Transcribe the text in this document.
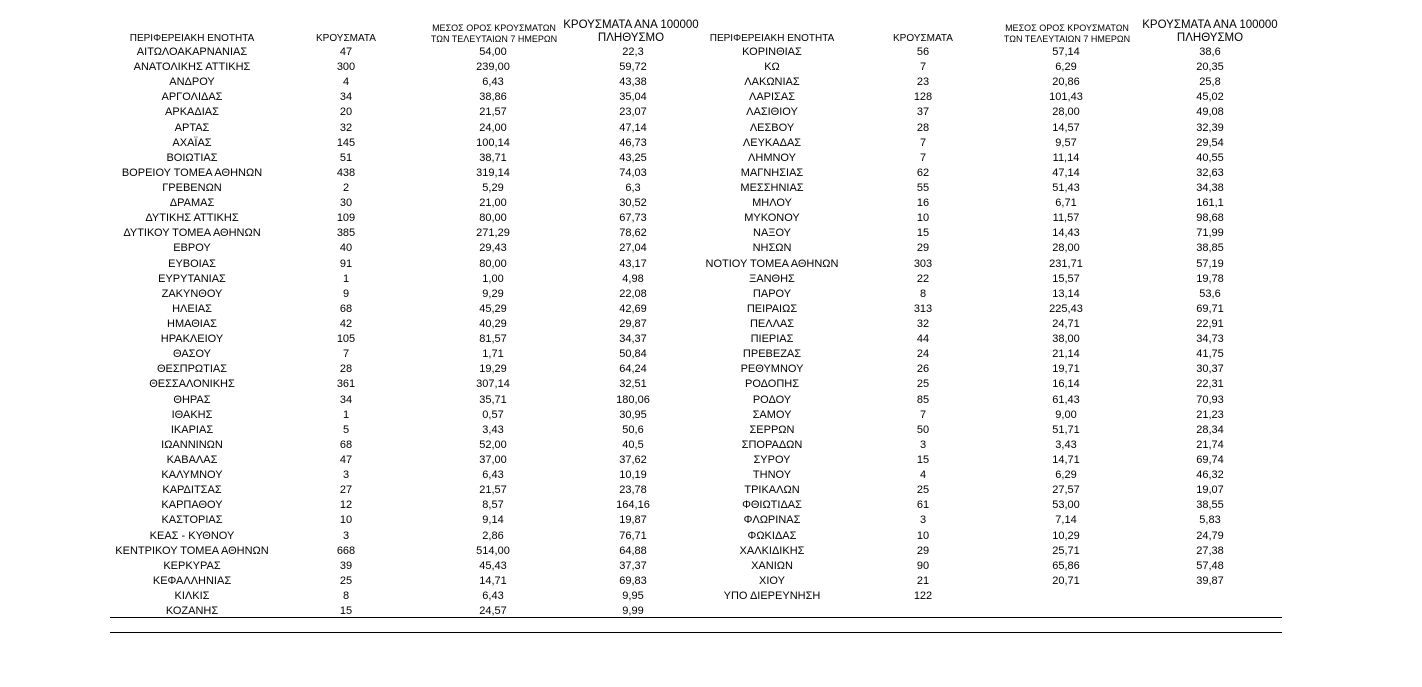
ΠΕΡΙΦΕΡΕΙΑΚΗ ΕΝΟΤΗΤΑ	ΚΡΟΥΣΜΑΤΑ
ΜΕΣΟΣ ΟΡΟΣ ΚΡΟΥΣΜΑΤΩΝ
ΤΩΝ ΤΕΛΕΥΤΑΙΩΝ 7 ΗΜΕΡΩΝ
ΚΡΟΥΣΜΑΤΑ ΑΝΑ 100000
ΠΛΗΘΥΣΜΟ
ΑΙΤΩΛΟΑΚΑΡΝΑΝΙΑΣ	47	54,00	22,3
ΑΝΑΤΟΛΙΚΗΣ ΑΤΤΙΚΗΣ	300	239,00	59,72
ΑΝΔΡΟΥ	4	6,43	43,38
ΑΡΓΟΛΙΔΑΣ	34	38,86	35,04
ΑΡΚΑΔΙΑΣ	20	21,57	23,07
ΑΡΤΑΣ	32	24,00	47,14
ΑΧΑΪΑΣ	145	100,14	46,73
ΒΟΙΩΤΙΑΣ	51	38,71	43,25
ΒΟΡΕΙΟΥ ΤΟΜΕΑ ΑΘΗΝΩΝ	438	319,14	74,03
ΓΡΕΒΕΝΩΝ	2	5,29	6,3
ΔΡΑΜΑΣ	30	21,00	30,52
ΔΥΤΙΚΗΣ ΑΤΤΙΚΗΣ	109	80,00	67,73
ΔΥΤΙΚΟΥ ΤΟΜΕΑ ΑΘΗΝΩΝ	385	271,29	78,62
ΕΒΡΟΥ	40	29,43	27,04
ΕΥΒΟΙΑΣ	91	80,00	43,17
ΕΥΡΥΤΑΝΙΑΣ	1	1,00	4,98
ΖΑΚΥΝΘΟΥ	9	9,29	22,08
ΗΛΕΙΑΣ	68	45,29	42,69
ΗΜΑΘΙΑΣ	42	40,29	29,87
ΗΡΑΚΛΕΙΟΥ	105	81,57	34,37
ΘΑΣΟΥ	7	1,71	50,84
ΘΕΣΠΡΩΤΙΑΣ	28	19,29	64,24
ΘΕΣΣΑΛΟΝΙΚΗΣ	361	307,14	32,51
ΘΗΡΑΣ	34	35,71	180,06
ΙΘΑΚΗΣ	1	0,57	30,95
ΙΚΑΡΙΑΣ	5	3,43	50,6
ΙΩΑΝΝΙΝΩΝ	68	52,00	40,5
ΚΑΒΑΛΑΣ	47	37,00	37,62
ΚΑΛΥΜΝΟΥ	3	6,43	10,19
ΚΑΡΔΙΤΣΑΣ	27	21,57	23,78
ΚΑΡΠΑΘΟΥ	12	8,57	164,16
ΚΑΣΤΟΡΙΑΣ	10	9,14	19,87
ΚΕΑΣ - ΚΥΘΝΟΥ	3	2,86	76,71
ΚΕΝΤΡΙΚΟΥ ΤΟΜΕΑ ΑΘΗΝΩΝ	668	514,00	64,88
ΚΕΡΚΥΡΑΣ	39	45,43	37,37
ΚΕΦΑΛΛΗΝΙΑΣ	25	14,71	69,83
ΚΙΛΚΙΣ	8	6,43	9,95
ΚΟΖΑΝΗΣ	15	24,57	9,99
ΠΕΡΙΦΕΡΕΙΑΚΗ ΕΝΟΤΗΤΑ	ΚΡΟΥΣΜΑΤΑ
ΜΕΣΟΣ ΟΡΟΣ ΚΡΟΥΣΜΑΤΩΝ
ΤΩΝ ΤΕΛΕΥΤΑΙΩΝ 7 ΗΜΕΡΩΝ
ΚΡΟΥΣΜΑΤΑ ΑΝΑ 100000
ΠΛΗΘΥΣΜΟ
ΚΟΡΙΝΘΙΑΣ	56	57,14	38,6
ΚΩ	7	6,29	20,35
ΛΑΚΩΝΙΑΣ	23	20,86	25,8
ΛΑΡΙΣΑΣ	128	101,43	45,02
ΛΑΣΙΘΙΟΥ	37	28,00	49,08
ΛΕΣΒΟΥ	28	14,57	32,39
ΛΕΥΚΑΔΑΣ	7	9,57	29,54
ΛΗΜΝΟΥ	7	11,14	40,55
ΜΑΓΝΗΣΙΑΣ	62	47,14	32,63
ΜΕΣΣΗΝΙΑΣ	55	51,43	34,38
ΜΗΛΟΥ	16	6,71	161,1
ΜΥΚΟΝΟΥ	10	11,57	98,68
ΝΑΞΟΥ	15	14,43	71,99
ΝΗΣΩΝ	29	28,00	38,85
ΝΟΤΙΟΥ ΤΟΜΕΑ ΑΘΗΝΩΝ	303	231,71	57,19
ΞΑΝΘΗΣ	22	15,57	19,78
ΠΑΡΟΥ	8	13,14	53,6
ΠΕΙΡΑΙΩΣ	313	225,43	69,71
ΠΕΛΛΑΣ	32	24,71	22,91
ΠΙΕΡΙΑΣ	44	38,00	34,73
ΠΡΕΒΕΖΑΣ	24	21,14	41,75
ΡΕΘΥΜΝΟΥ	26	19,71	30,37
ΡΟΔΟΠΗΣ	25	16,14	22,31
ΡΟΔΟΥ	85	61,43	70,93
ΣΑΜΟΥ	7	9,00	21,23
ΣΕΡΡΩΝ	50	51,71	28,34
ΣΠΟΡΑΔΩΝ	3	3,43	21,74
ΣΥΡΟΥ	15	14,71	69,74
ΤΗΝΟΥ	4	6,29	46,32
ΤΡΙΚΑΛΩΝ	25	27,57	19,07
ΦΘΙΩΤΙΔΑΣ	61	53,00	38,55
ΦΛΩΡΙΝΑΣ	3	7,14	5,83
ΦΩΚΙΔΑΣ	10	10,29	24,79
ΧΑΛΚΙΔΙΚΗΣ	29	25,71	27,38
ΧΑΝΙΩΝ	90	65,86	57,48
ΧΙΟΥ	21	20,71	39,87
ΥΠΟ ΔΙΕΡΕΥΝΗΣΗ	122
